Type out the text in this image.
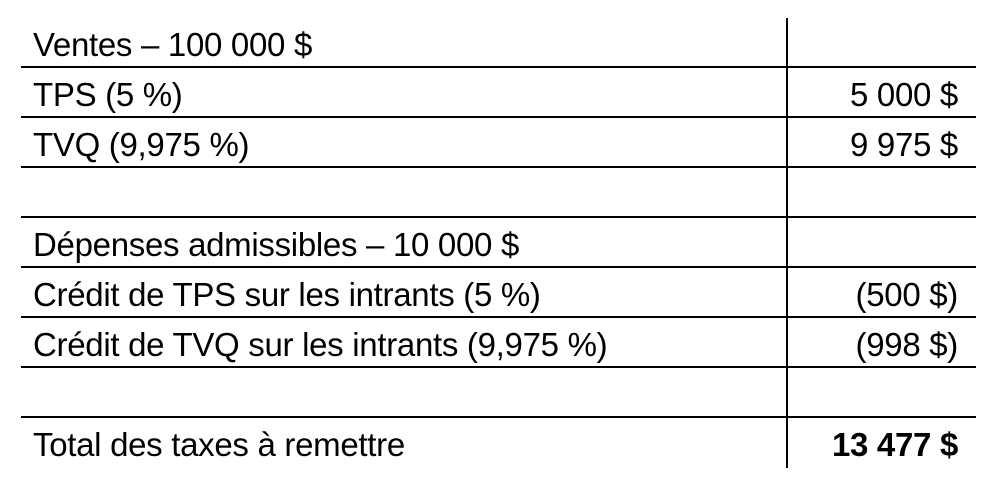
Ventes – 100 000 $
TPS (5 %)	5 000 $
TVQ (9,975 %)	9 975 $
Dépenses admissibles – 10 000 $
Crédit de TPS sur les intrants (5 %)	(500 $)
Crédit de TVQ sur les intrants (9,975 %)	(998 $)
Total des taxes à remettre	13 477 $
